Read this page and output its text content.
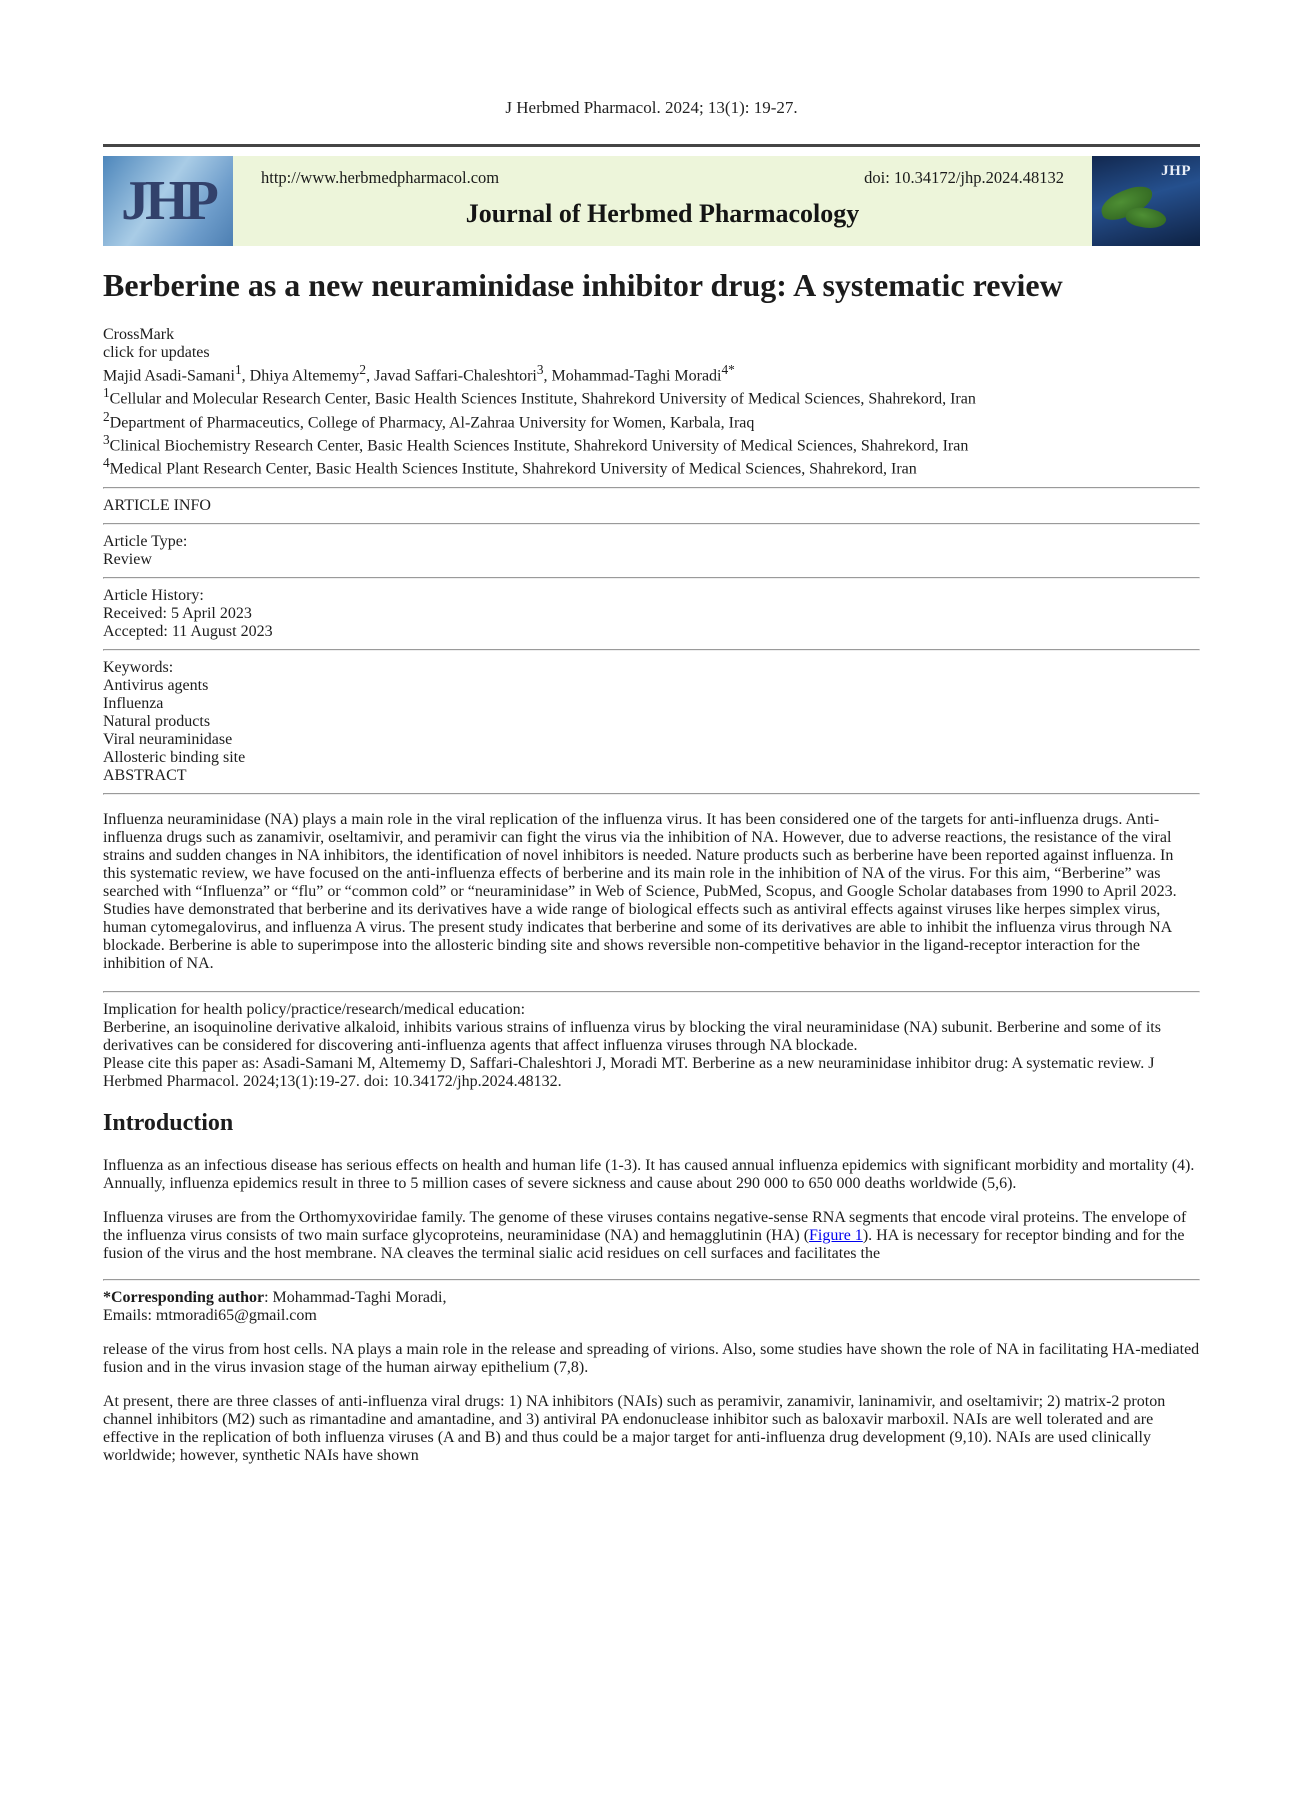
J Herbmed Pharmacol. 2024; 13(1): 19-27.
JHP	http://www.herbmedpharmacol.com	doi: 10.34172/jhp.2024.48132
Journal of Herbmed Pharmacology
JHP
Berberine as a new neuraminidase inhibitor drug: A systematic review
CrossMark
click for updates
Majid Asadi-Samani$^1$, Dhiya Altememy$^2$, Javad Saffari-Chaleshtori$^3$, Mohammad-Taghi Moradi$^{4*}$
$^1$Cellular and Molecular Research Center, Basic Health Sciences Institute, Shahrekord University of Medical Sciences, Shahrekord, Iran
$^2$Department of Pharmaceutics, College of Pharmacy, Al-Zahraa University for Women, Karbala, Iraq
$^3$Clinical Biochemistry Research Center, Basic Health Sciences Institute, Shahrekord University of Medical Sciences, Shahrekord, Iran
$^4$Medical Plant Research Center, Basic Health Sciences Institute, Shahrekord University of Medical Sciences, Shahrekord, Iran
ARTICLE INFO
Article Type:
Review
Article History:
Received: 5 April 2023
Accepted: 11 August 2023
Keywords:
Antivirus agents
Influenza
Natural products
Viral neuraminidase
Allosteric binding site
ABSTRACT

Influenza neuraminidase (NA) plays a main role in the viral replication of the influenza virus. It has been considered one of the targets for anti-influenza drugs. Anti-influenza drugs such as zanamivir, oseltamivir, and peramivir can fight the virus via the inhibition of NA. However, due to adverse reactions, the resistance of the viral strains and sudden changes in NA inhibitors, the identification of novel inhibitors is needed. Nature products such as berberine have been reported against influenza. In this systematic review, we have focused on the anti-influenza effects of berberine and its main role in the inhibition of NA of the virus. For this aim, “Berberine” was searched with “Influenza” or “flu” or “common cold” or “neuraminidase” in Web of Science, PubMed, Scopus, and Google Scholar databases from 1990 to April 2023. Studies have demonstrated that berberine and its derivatives have a wide range of biological effects such as antiviral effects against viruses like herpes simplex virus, human cytomegalovirus, and influenza A virus. The present study indicates that berberine and some of its derivatives are able to inhibit the influenza virus through NA blockade. Berberine is able to superimpose into the allosteric binding site and shows reversible non-competitive behavior in the ligand-receptor interaction for the inhibition of NA.

Implication for health policy/practice/research/medical education:
Berberine, an isoquinoline derivative alkaloid, inhibits various strains of influenza virus by blocking the viral neuraminidase (NA) subunit. Berberine and some of its derivatives can be considered for discovering anti-influenza agents that affect influenza viruses through NA blockade.
Please cite this paper as: Asadi-Samani M, Altememy D, Saffari-Chaleshtori J, Moradi MT. Berberine as a new neuraminidase inhibitor drug: A systematic review. J Herbmed Pharmacol. 2024;13(1):19-27. doi: 10.34172/jhp.2024.48132.
Introduction

Influenza as an infectious disease has serious effects on health and human life (1-3). It has caused annual influenza epidemics with significant morbidity and mortality (4). Annually, influenza epidemics result in three to 5 million cases of severe sickness and cause about 290 000 to 650 000 deaths worldwide (5,6).

Influenza viruses are from the Orthomyxoviridae family. The genome of these viruses contains negative-sense RNA segments that encode viral proteins. The envelope of the influenza virus consists of two main surface glycoproteins, neuraminidase (NA) and hemagglutinin (HA) (Figure 1). HA is necessary for receptor binding and for the fusion of the virus and the host membrane. NA cleaves the terminal sialic acid residues on cell surfaces and facilitates the

*Corresponding author: Mohammad-Taghi Moradi,
Emails: mtmoradi65@gmail.com

release of the virus from host cells. NA plays a main role in the release and spreading of virions. Also, some studies have shown the role of NA in facilitating HA-mediated fusion and in the virus invasion stage of the human airway epithelium (7,8).

At present, there are three classes of anti-influenza viral drugs: 1) NA inhibitors (NAIs) such as peramivir, zanamivir, laninamivir, and oseltamivir; 2) matrix-2 proton channel inhibitors (M2) such as rimantadine and amantadine, and 3) antiviral PA endonuclease inhibitor such as baloxavir marboxil. NAIs are well tolerated and are effective in the replication of both influenza viruses (A and B) and thus could be a major target for anti-influenza drug development (9,10). NAIs are used clinically worldwide; however, synthetic NAIs have shown
